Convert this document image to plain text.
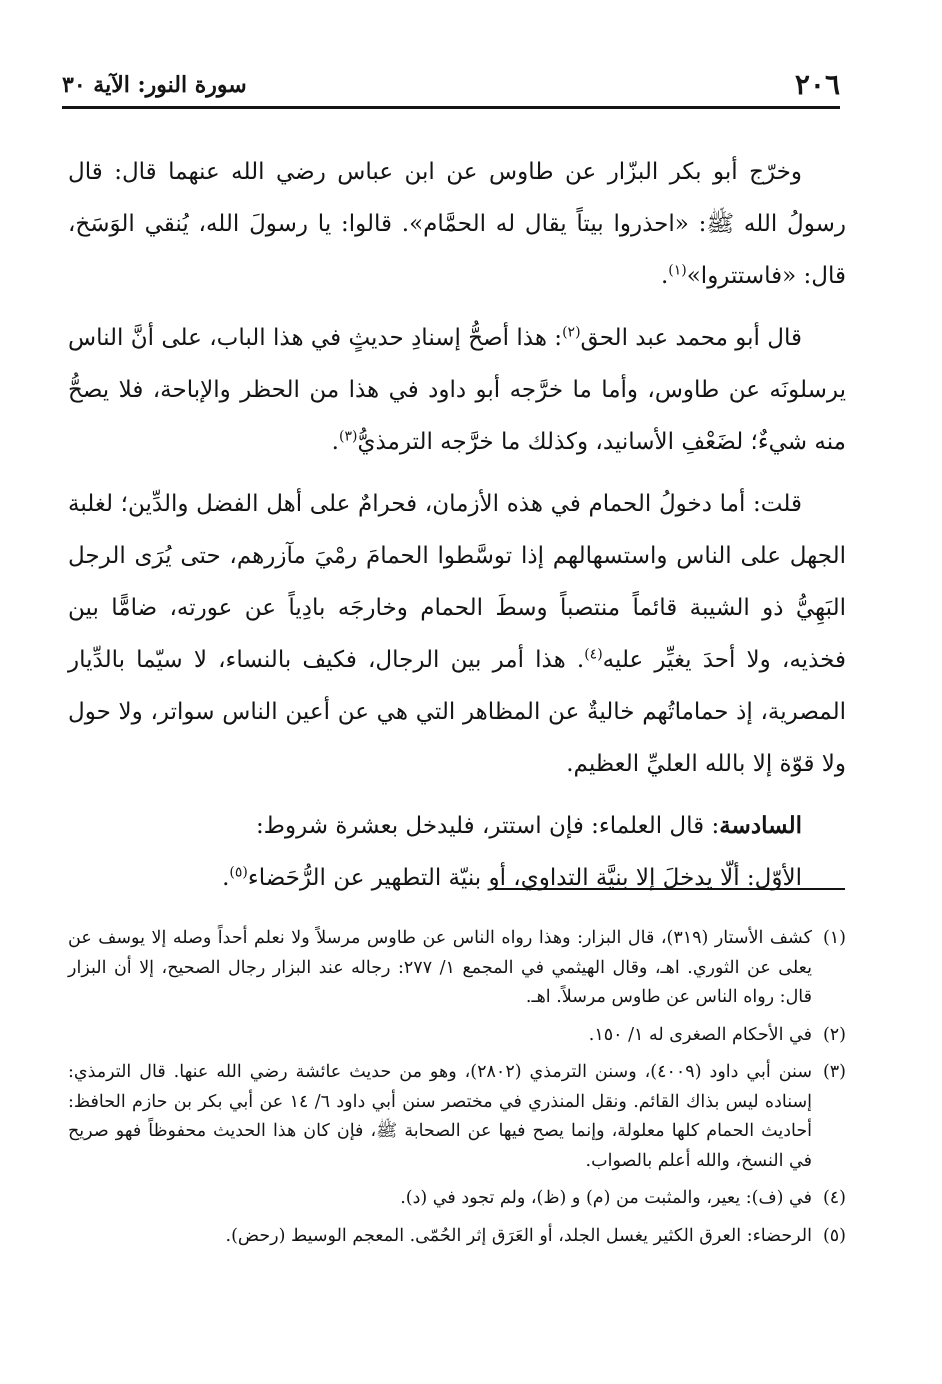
٢٠٦
سورة النور: الآية ٣٠

وخرّج أبو بكر البزّار عن طاوس عن ابن عباس رضي الله عنهما قال: قال رسولُ الله ﷺ: «احذروا بيتاً يقال له الحمَّام». قالوا: يا رسولَ الله، يُنقي الوَسَخ، قال: «فاستتروا»$^{(١)}$.

قال أبو محمد عبد الحق$^{(٢)}$: هذا أصحُّ إسنادِ حديثٍ في هذا الباب، على أنَّ الناس يرسلونَه عن طاوس، وأما ما خرَّجه أبو داود في هذا من الحظر والإباحة، فلا يصحُّ منه شيءٌ؛ لضَعْفِ الأسانيد، وكذلك ما خرَّجه الترمذيُّ$^{(٣)}$.

قلت: أما دخولُ الحمام في هذه الأزمان، فحرامٌ على أهل الفضل والدِّين؛ لغلبة الجهل على الناس واستسهالهم إذا توسَّطوا الحمامَ رمْيَ مآزرهم، حتى يُرَى الرجل البَهِيُّ ذو الشيبة قائماً منتصباً وسطَ الحمام وخارجَه بادِياً عن عورته، ضامًّا بين فخذيه، ولا أحدَ يغيِّر عليه$^{(٤)}$. هذا أمر بين الرجال، فكيف بالنساء، لا سيّما بالدِّيار المصرية، إذ حماماتُهم خاليةٌ عن المظاهر التي هي عن أعين الناس سواتر، ولا حول ولا قوّة إلا بالله العليِّ العظيم.

السادسة: قال العلماء: فإن استتر، فليدخل بعشرة شروط:

الأوّل: ألّا يدخلَ إلا بنيَّة التداوي، أو بنيّة التطهير عن الرُّحَضاء$^{(٥)}$.

(١)
كشف الأستار (٣١٩)، قال البزار: وهذا رواه الناس عن طاوس مرسلاً ولا نعلم أحداً وصله إلا يوسف عن يعلى عن الثوري. اهـ، وقال الهيثمي في المجمع ١/ ٢٧٧: رجاله عند البزار رجال الصحيح، إلا أن البزار قال: رواه الناس عن طاوس مرسلاً. اهـ.
(٢)
في الأحكام الصغرى له ١/ ١٥٠.
(٣)
سنن أبي داود (٤٠٠٩)، وسنن الترمذي (٢٨٠٢)، وهو من حديث عائشة رضي الله عنها. قال الترمذي: إسناده ليس بذاك القائم. ونقل المنذري في مختصر سنن أبي داود ٦/ ١٤ عن أبي بكر بن حازم الحافظ: أحاديث الحمام كلها معلولة، وإنما يصح فيها عن الصحابة ﷺ، فإن كان هذا الحديث محفوظاً فهو صريح في النسخ، والله أعلم بالصواب.
(٤)
في (ف): يعير، والمثبت من (م) و (ظ)، ولم تجود في (د).
(٥)
الرحضاء: العرق الكثير يغسل الجلد، أو العَرَق إثر الحُمّى. المعجم الوسيط (رحض).
